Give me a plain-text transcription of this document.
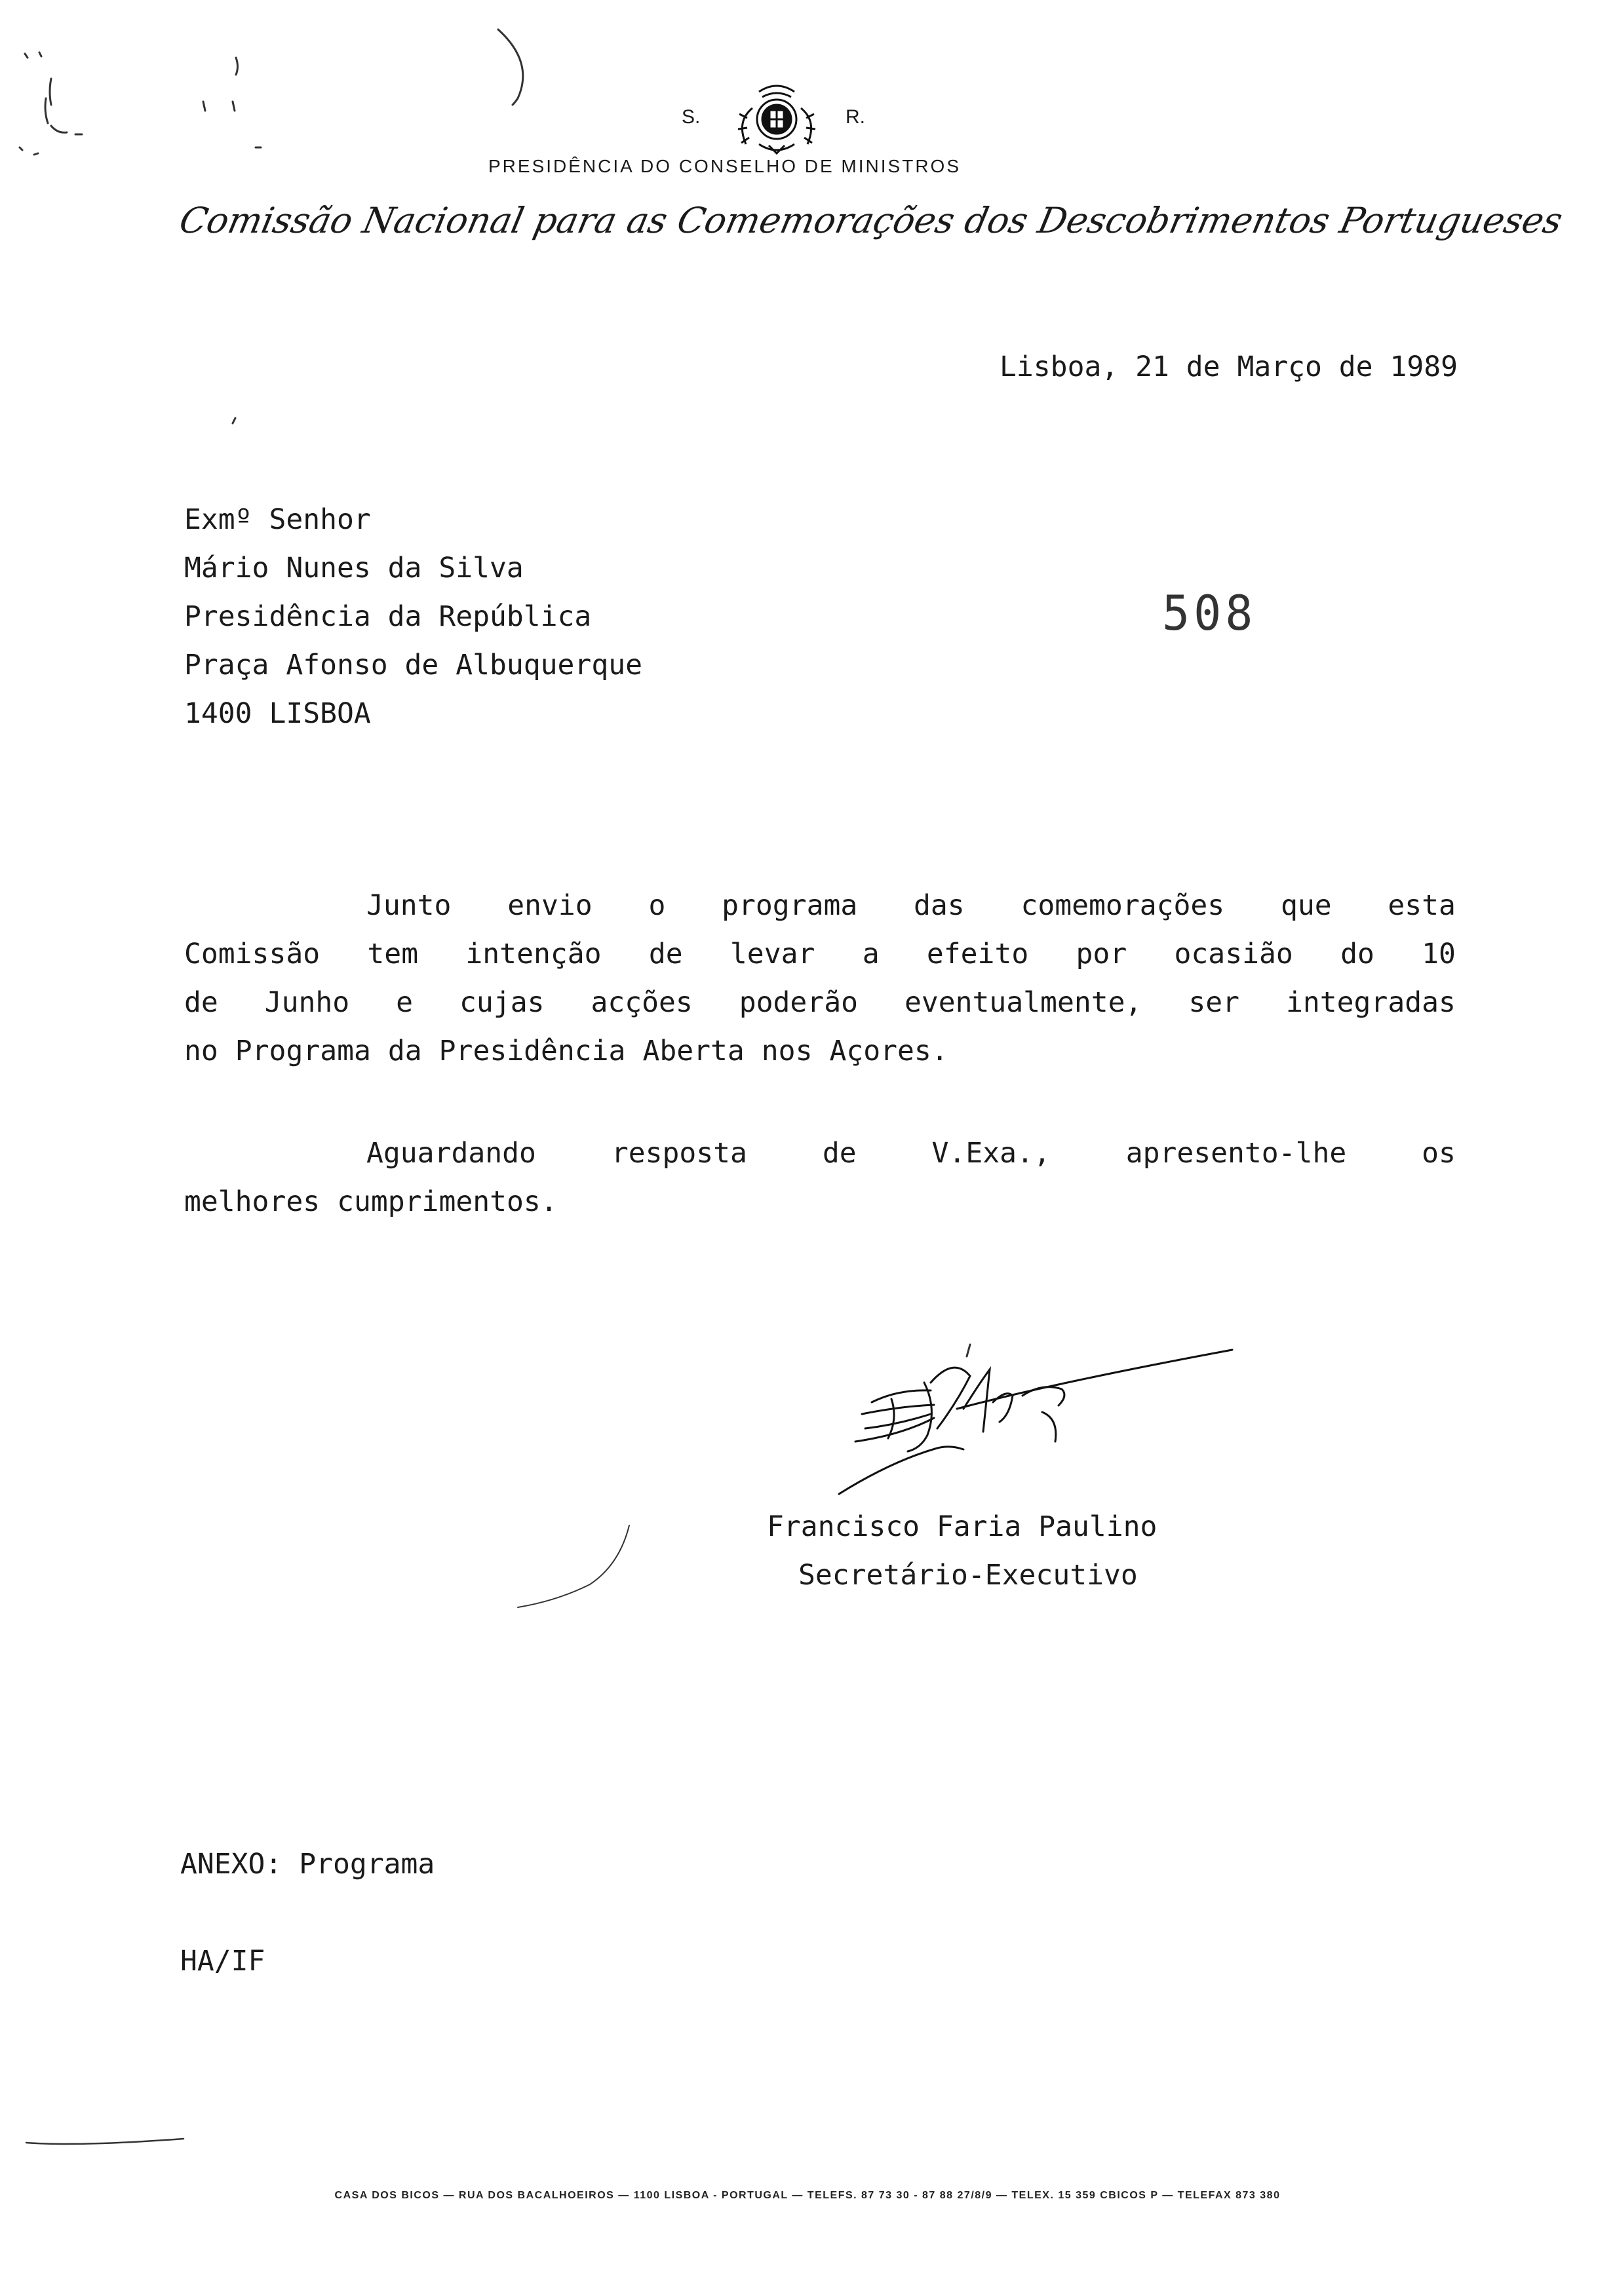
S.	R.
PRESIDÊNCIA DO CONSELHO DE MINISTROS
Comissão Nacional para as Comemorações dos Descobrimentos Portugueses
Lisboa, 21 de Março de 1989
Exmº Senhor
Mário Nunes da Silva
Presidência da República
Praça Afonso de Albuquerque
1400 LISBOA
508
Junto envio o programa das comemorações que esta
Comissão tem intenção de levar a efeito por ocasião do 10
de Junho e cujas acções poderão eventualmente, ser integradas
no Programa da Presidência Aberta nos Açores.
Aguardando	resposta	de	V.Exa.,	apresento-lhe	os
melhores cumprimentos.
Francisco Faria Paulino
Secretário-Executivo
ANEXO: Programa
HA/IF
CASA DOS BICOS — RUA DOS BACALHOEIROS — 1100 LISBOA - PORTUGAL — TELEFS. 87 73 30 - 87 88 27/8/9 — TELEX. 15 359 CBICOS P — TELEFAX 873 380
